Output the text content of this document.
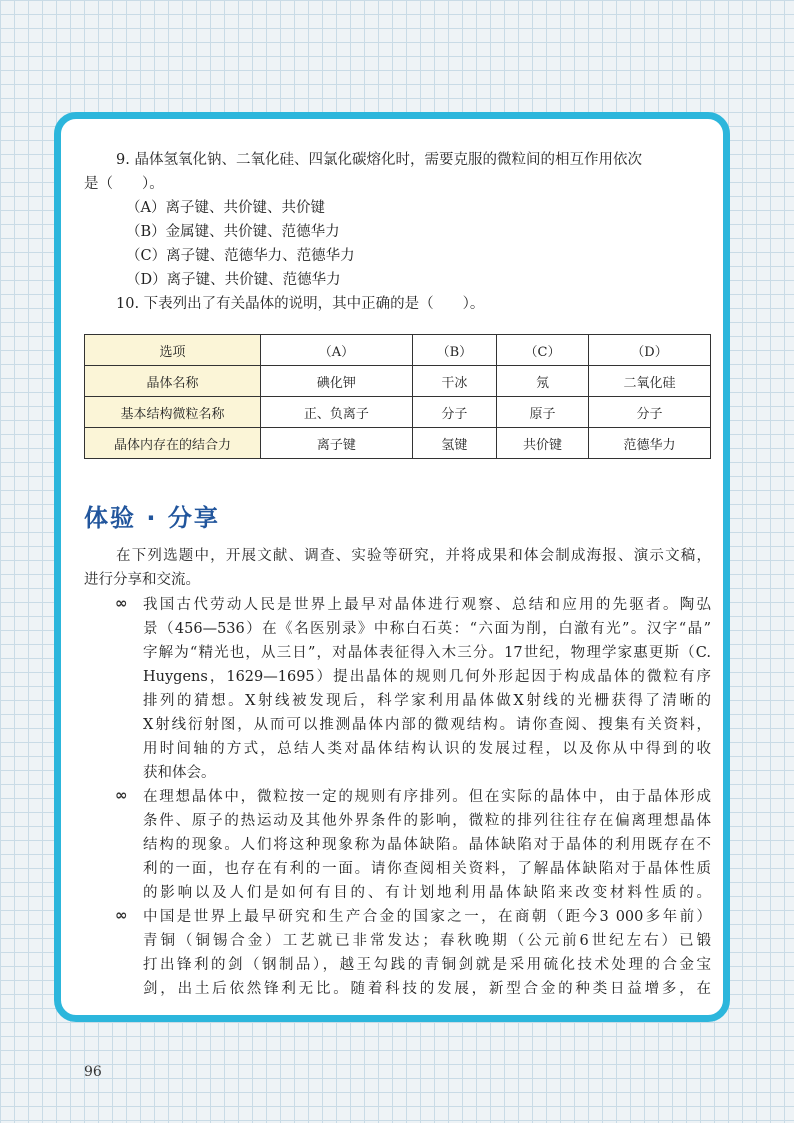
9. 晶体氢氧化钠、二氧化硅、四氯化碳熔化时，需要克服的微粒间的相互作用依次
是（　　）。
（A）离子键、共价键、共价键
（B）金属键、共价键、范德华力
（C）离子键、范德华力、范德华力
（D）离子键、共价键、范德华力
10. 下表列出了有关晶体的说明，其中正确的是（　　）。
选项	（A）	（B）	（C）	（D）
晶体名称	碘化钾	干冰	氖	二氧化硅
基本结构微粒名称	正、负离子	分子	原子	分子
晶体内存在的结合力	离子键	氢键	共价键	范德华力
体验 · 分享
在下列选题中，开展文献、调查、实验等研究，并将成果和体会制成海报、演示文稿，
进行分享和交流。
∞ 我国古代劳动人民是世界上最早对晶体进行观察、总结和应用的先驱者。陶弘
景（456—536）在《名医别录》中称白石英：“六面为削，白澈有光”。汉字“晶”
字解为“精光也，从三日”，对晶体表征得入木三分。17世纪，物理学家惠更斯（C.
Huygens，1629—1695）提出晶体的规则几何外形起因于构成晶体的微粒有序
排列的猜想。X射线被发现后，科学家利用晶体做X射线的光栅获得了清晰的
X射线衍射图，从而可以推测晶体内部的微观结构。请你查阅、搜集有关资料，
用时间轴的方式，总结人类对晶体结构认识的发展过程，以及你从中得到的收
获和体会。
∞ 在理想晶体中，微粒按一定的规则有序排列。但在实际的晶体中，由于晶体形成
条件、原子的热运动及其他外界条件的影响，微粒的排列往往存在偏离理想晶体
结构的现象。人们将这种现象称为晶体缺陷。晶体缺陷对于晶体的利用既存在不
利的一面，也存在有利的一面。请你查阅相关资料，了解晶体缺陷对于晶体性质
的影响以及人们是如何有目的、有计划地利用晶体缺陷来改变材料性质的。
∞ 中国是世界上最早研究和生产合金的国家之一，在商朝（距今3 000多年前）
青铜（铜锡合金）工艺就已非常发达；春秋晚期（公元前6世纪左右）已锻
打出锋利的剑（钢制品），越王勾践的青铜剑就是采用硫化技术处理的合金宝
剑，出土后依然锋利无比。随着科技的发展，新型合金的种类日益增多，在
96
